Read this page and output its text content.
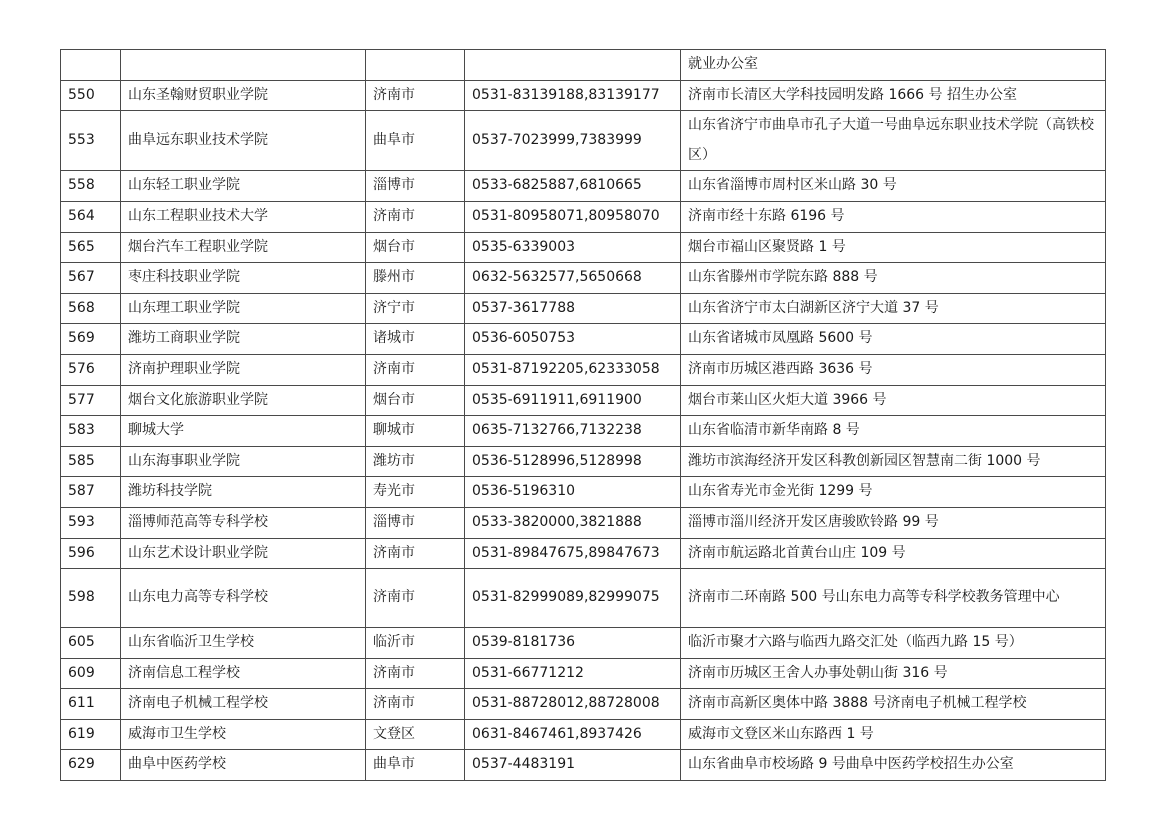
				就业办公室
550	山东圣翰财贸职业学院	济南市	0531-83139188,83139177	济南市长清区大学科技园明发路 1666 号 招生办公室
553	曲阜远东职业技术学院	曲阜市	0537-7023999,7383999	山东省济宁市曲阜市孔子大道一号曲阜远东职业技术学院（高铁校区）
558	山东轻工职业学院	淄博市	0533-6825887,6810665	山东省淄博市周村区米山路 30 号
564	山东工程职业技术大学	济南市	0531-80958071,80958070	济南市经十东路 6196 号
565	烟台汽车工程职业学院	烟台市	0535-6339003	烟台市福山区聚贤路 1 号
567	枣庄科技职业学院	滕州市	0632-5632577,5650668	山东省滕州市学院东路 888 号
568	山东理工职业学院	济宁市	0537-3617788	山东省济宁市太白湖新区济宁大道 37 号
569	潍坊工商职业学院	诸城市	0536-6050753	山东省诸城市凤凰路 5600 号
576	济南护理职业学院	济南市	0531-87192205,62333058	济南市历城区港西路 3636 号
577	烟台文化旅游职业学院	烟台市	0535-6911911,6911900	烟台市莱山区火炬大道 3966 号
583	聊城大学	聊城市	0635-7132766,7132238	山东省临清市新华南路 8 号
585	山东海事职业学院	潍坊市	0536-5128996,5128998	潍坊市滨海经济开发区科教创新园区智慧南二街 1000 号
587	潍坊科技学院	寿光市	0536-5196310	山东省寿光市金光街 1299 号
593	淄博师范高等专科学校	淄博市	0533-3820000,3821888	淄博市淄川经济开发区唐骏欧铃路 99 号
596	山东艺术设计职业学院	济南市	0531-89847675,89847673	济南市航运路北首黄台山庄 109 号
598	山东电力高等专科学校	济南市	0531-82999089,82999075	济南市二环南路 500 号山东电力高等专科学校教务管理中心
605	山东省临沂卫生学校	临沂市	0539-8181736	临沂市聚才六路与临西九路交汇处（临西九路 15 号）
609	济南信息工程学校	济南市	0531-66771212	济南市历城区王舍人办事处朝山街 316 号
611	济南电子机械工程学校	济南市	0531-88728012,88728008	济南市高新区奥体中路 3888 号济南电子机械工程学校
619	威海市卫生学校	文登区	0631-8467461,8937426	威海市文登区米山东路西 1 号
629	曲阜中医药学校	曲阜市	0537-4483191	山东省曲阜市校场路 9 号曲阜中医药学校招生办公室
